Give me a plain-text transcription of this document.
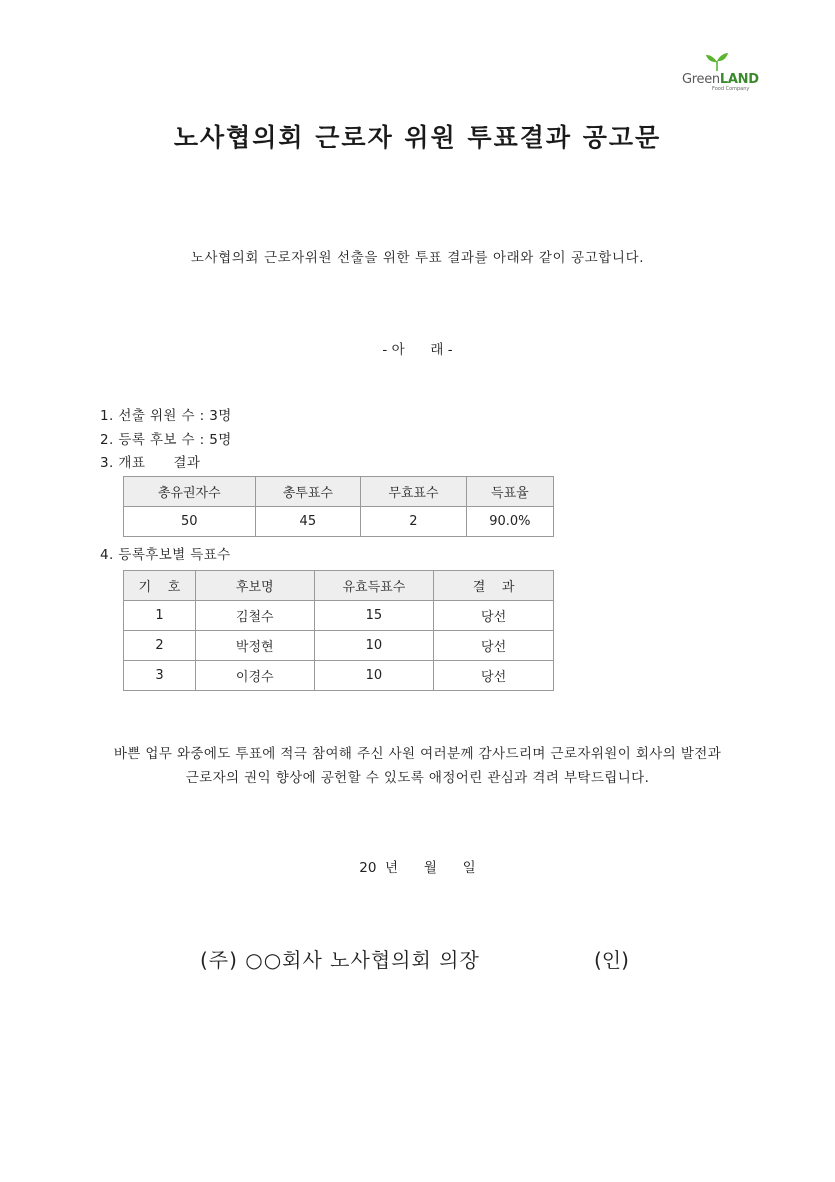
GreenLAND
Food Company
노사협의회 근로자 위원 투표결과 공고문
노사협의회 근로자위원 선출을 위한 투표 결과를 아래와 같이 공고합니다.
- 아      래 -
1. 선출 위원 수 : 3명
2. 등록 후보 수 : 5명
3. 개표      결과
총유권자수	총투표수	무효표수	득표율
50	45	2	90.0%
4. 등록후보별 득표수
기    호	후보명	유효득표수	결    과
1	김철수	15	당선
2	박정현	10	당선
3	이경수	10	당선
바쁜 업무 와중에도 투표에 적극 참여해 주신 사원 여러분께 감사드리며 근로자위원이 회사의 발전과
근로자의 권익 향상에 공헌할 수 있도록 애정어린 관심과 격려 부탁드립니다.
20  년      월      일
(주) ○○회사 노사협의회 의장	(인)
